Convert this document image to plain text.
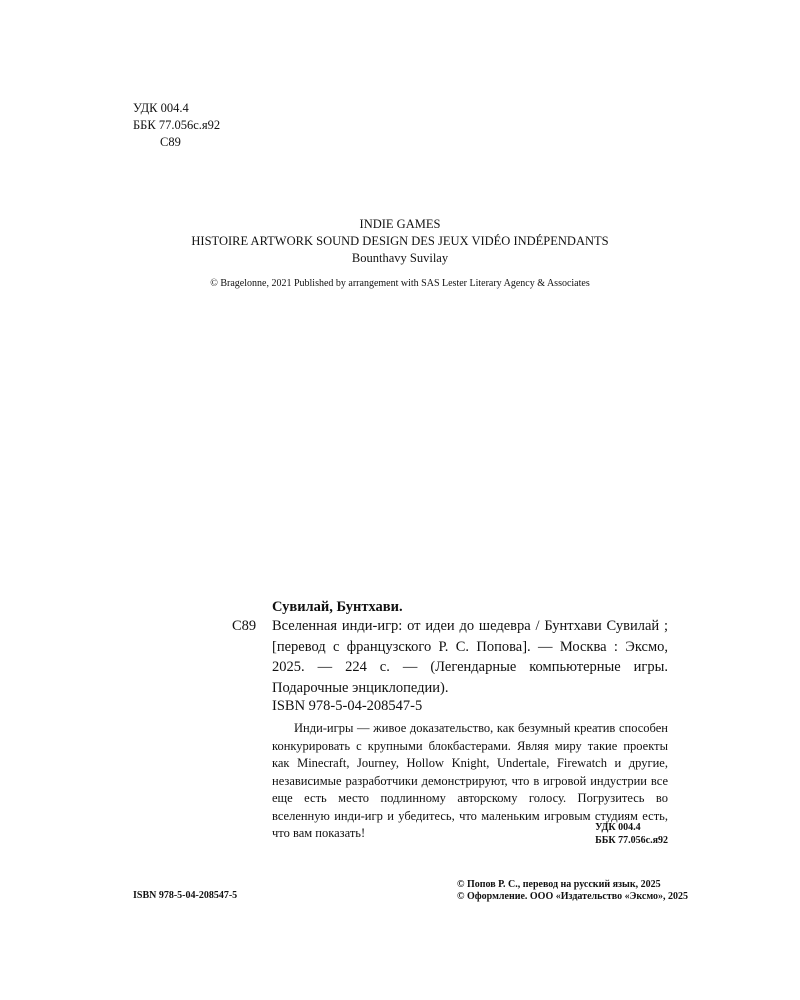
УДК 004.4
ББК 77.056с.я92
С89
INDIE GAMES
HISTOIRE ARTWORK SOUND DESIGN DES JEUX VIDÉO INDÉPENDANTS
Bounthavy Suvilay
© Bragelonne, 2021 Published by arrangement with SAS Lester Literary Agency & Associates
С89
Сувилай, Бунтхави.
Вселенная инди-игр: от идеи до шедевра / Бунтхави Сувилай ; [перевод с французского Р. С. Попова]. — Москва : Эксмо, 2025. — 224 с. — (Легендарные компьютерные игры. Подарочные энциклопедии).
ISBN 978-5-04-208547-5
Инди-игры — живое доказательство, как безумный креатив способен конкурировать с крупными блокбастерами. Являя миру такие проекты как Minecraft, Journey, Hollow Knight, Undertale, Firewatch и другие, независимые разработчики демонстрируют, что в игровой индустрии все еще есть место подлинному авторскому голосу. Погрузитесь во вселенную инди-игр и убедитесь, что маленьким игровым студиям есть, что вам показать!	УДК 004.4
ББК 77.056с.я92
ISBN 978-5-04-208547-5
© Попов Р. С., перевод на русский язык, 2025
© Оформление. ООО «Издательство «Эксмо», 2025
